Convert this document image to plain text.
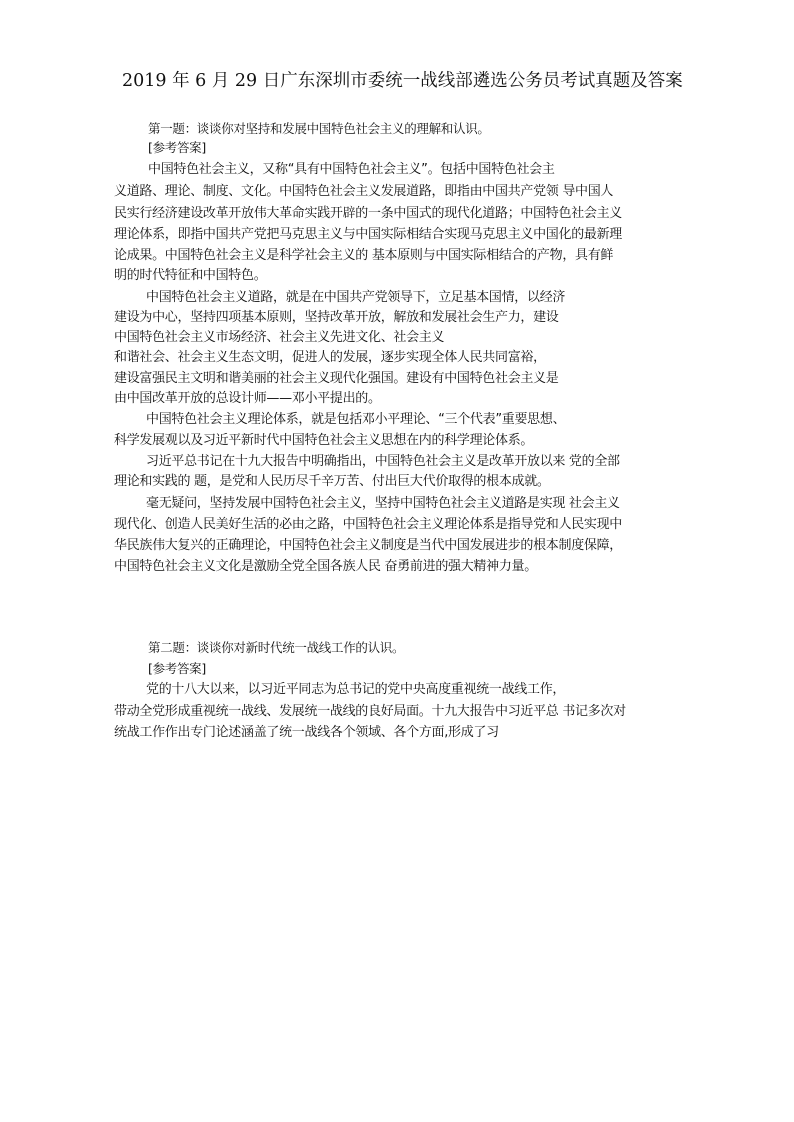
2019 年 6 月 29 日广东深圳市委统一战线部遴选公务员考试真题及答案
第一题：谈谈你对坚持和发展中国特色社会主义的理解和认识。
[参考答案]
中国特色社会主义，又称“具有中国特色社会主义”。包括中国特色社会主
义道路、理论、制度、文化。中国特色社会主义发展道路，即指由中国共产党领 导中国人
民实行经济建设改革开放伟大革命实践开辟的一条中国式的现代化道路；中国特色社会主义
理论体系，即指中国共产党把马克思主义与中国实际相结合实现马克思主义中国化的最新理
论成果。中国特色社会主义是科学社会主义的 基本原则与中国实际相结合的产物，具有鲜
明的时代特征和中国特色。
中国特色社会主义道路，就是在中国共产党领导下，立足基本国情，以经济
建设为中心，坚持四项基本原则，坚持改革开放，解放和发展社会生产力，建设
中国特色社会主义市场经济、社会主义先进文化、社会主义
和谐社会、社会主义生态文明，促进人的发展，逐步实现全体人民共同富裕，
建设富强民主文明和谐美丽的社会主义现代化强国。建设有中国特色社会主义是
由中国改革开放的总设计师——邓小平提出的。
中国特色社会主义理论体系，就是包括邓小平理论、“三个代表”重要思想、
科学发展观以及习近平新时代中国特色社会主义思想在内的科学理论体系。
习近平总书记在十九大报告中明确指出，中国特色社会主义是改革开放以来 党的全部
理论和实践的 题，是党和人民历尽千辛万苦、付出巨大代价取得的根本成就。
毫无疑问，坚持发展中国特色社会主义，坚持中国特色社会主义道路是实现 社会主义
现代化、创造人民美好生活的必由之路，中国特色社会主义理论体系是指导党和人民实现中
华民族伟大复兴的正确理论，中国特色社会主义制度是当代中国发展进步的根本制度保障，
中国特色社会主义文化是激励全党全国各族人民 奋勇前进的强大精神力量。
第二题：谈谈你对新时代统一战线工作的认识。
[参考答案]
党的十八大以来，以习近平同志为总书记的党中央高度重视统一战线工作，
带动全党形成重视统一战线、发展统一战线的良好局面。十九大报告中习近平总 书记多次对
统战工作作出专门论述涵盖了统一战线各个领域、各个方面,形成了习
